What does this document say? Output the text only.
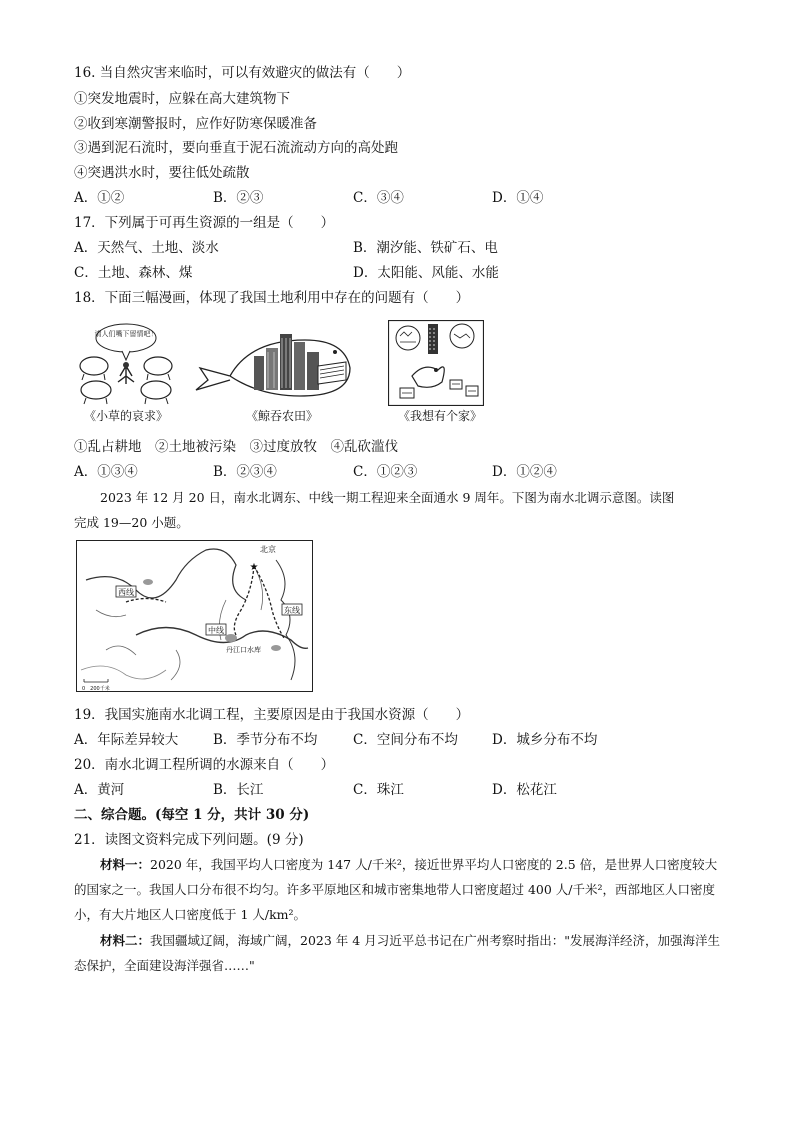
16. 当自然灾害来临时，可以有效避灾的做法有（　　）
①突发地震时，应躲在高大建筑物下
②收到寒潮警报时，应作好防寒保暖准备
③遇到泥石流时，要向垂直于泥石流流动方向的高处跑
④突遇洪水时，要往低处疏散
A．①②	B．②③	C．③④	D．①④
17．下列属于可再生资源的一组是（　　）
A．天然气、土地、淡水	B．潮汐能、铁矿石、电
C．土地、森林、煤	D．太阳能、风能、水能
18．下面三幅漫画，体现了我国土地利用中存在的问题有（　　）
请人们嘴下留情吧！
《小草的哀求》	《鲸吞农田》	《我想有个家》
①乱占耕地　②土地被污染　③过度放牧　④乱砍滥伐
A．①③④	B．②③④	C．①②③	D．①②④
2023 年 12 月 20 日，南水北调东、中线一期工程迎来全面通水 9 周年。下图为南水北调示意图。读图
完成 19—20 小题。
★
北京
西线
东线
中线
丹江口水库
0　200千米
19．我国实施南水北调工程，主要原因是由于我国水资源（　　）
A．年际差异较大	B．季节分布不均	C．空间分布不均	D．城乡分布不均
20．南水北调工程所调的水源来自（　　）
A．黄河	B．长江	C．珠江	D．松花江
二、综合题。(每空 1 分，共计 30 分)
21．读图文资料完成下列问题。(9 分)
材料一：2020 年，我国平均人口密度为 147 人/千米²，接近世界平均人口密度的 2.5 倍，是世界人口密度较大的国家之一。我国人口分布很不均匀。许多平原地区和城市密集地带人口密度超过 400 人/千米²，西部地区人口密度小，有大片地区人口密度低于 1 人/km²。
材料二：我国疆域辽阔，海域广阔，2023 年 4 月习近平总书记在广州考察时指出："发展海洋经济，加强海洋生态保护，全面建设海洋强省……"
